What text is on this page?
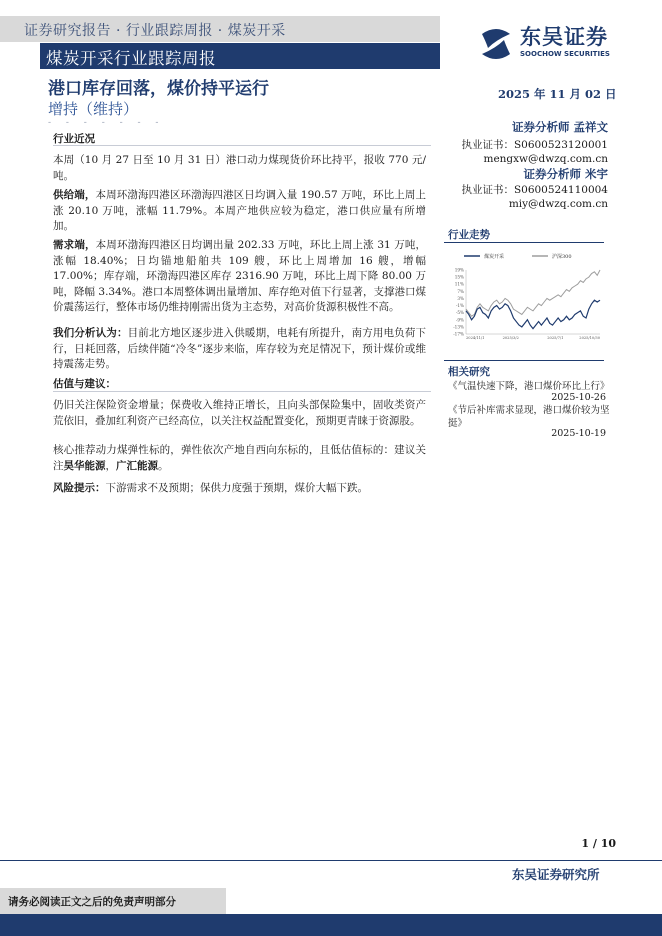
证券研究报告 · 行业跟踪周报 · 煤炭开采
煤炭开采行业跟踪周报
东吴证券
SOOCHOW SECURITIES
港口库存回落，煤价持平运行
增持（维持）
- - - - - - -
2025 年 11 月 02 日
证券分析师 孟祥文
执业证书：S0600523120001
mengxw@dwzq.com.cn
证券分析师 米宇
执业证书：S0600524110004
miy@dwzq.com.cn
行业走势
煤炭开采	沪深300
19%
15%
11%
7%
3%
-1%
-5%
-9%
-13%
-17%
2024/11/1	2025/3/2	2025/7/1	2025/10/30
相关研究
《气温快速下降，港口煤价环比上行》
2025-10-26
《节后补库需求显现，港口煤价较为坚挺》
2025-10-19
行业近况
本周（10 月 27 日至 10 月 31 日）港口动力煤现货价环比持平，报收 770 元/吨。
供给端，本周环渤海四港区环渤海四港区日均调入量 190.57 万吨，环比上周上涨 20.10 万吨，涨幅 11.79%。本周产地供应较为稳定，港口供应量有所增加。
需求端，本周环渤海四港区日均调出量 202.33 万吨，环比上周上涨 31 万吨，涨幅 18.40%；日均锚地船舶共 109 艘，环比上周增加 16 艘，增幅 17.00%；库存端，环渤海四港区库存 2316.90 万吨，环比上周下降 80.00 万吨，降幅 3.34%。港口本周整体调出量增加、库存绝对值下行显著，支撑港口煤价震荡运行，整体市场仍维持刚需出货为主态势，对高价货源积极性不高。
我们分析认为：目前北方地区逐步进入供暖期，电耗有所提升，南方用电负荷下行，日耗回落，后续伴随“冷冬”逐步来临，库存较为充足情况下，预计煤价或维持震荡走势。
估值与建议：
仍旧关注保险资金增量；保费收入维持正增长，且向头部保险集中，固收类资产荒依旧，叠加红利资产已经高位，以关注权益配置变化，预期更青睐于资源股。
核心推荐动力煤弹性标的，弹性依次产地自西向东标的，且低估值标的：建议关注昊华能源，广汇能源。
风险提示：下游需求不及预期；保供力度强于预期，煤价大幅下跌。
1 / 10
东吴证券研究所
请务必阅读正文之后的免责声明部分
